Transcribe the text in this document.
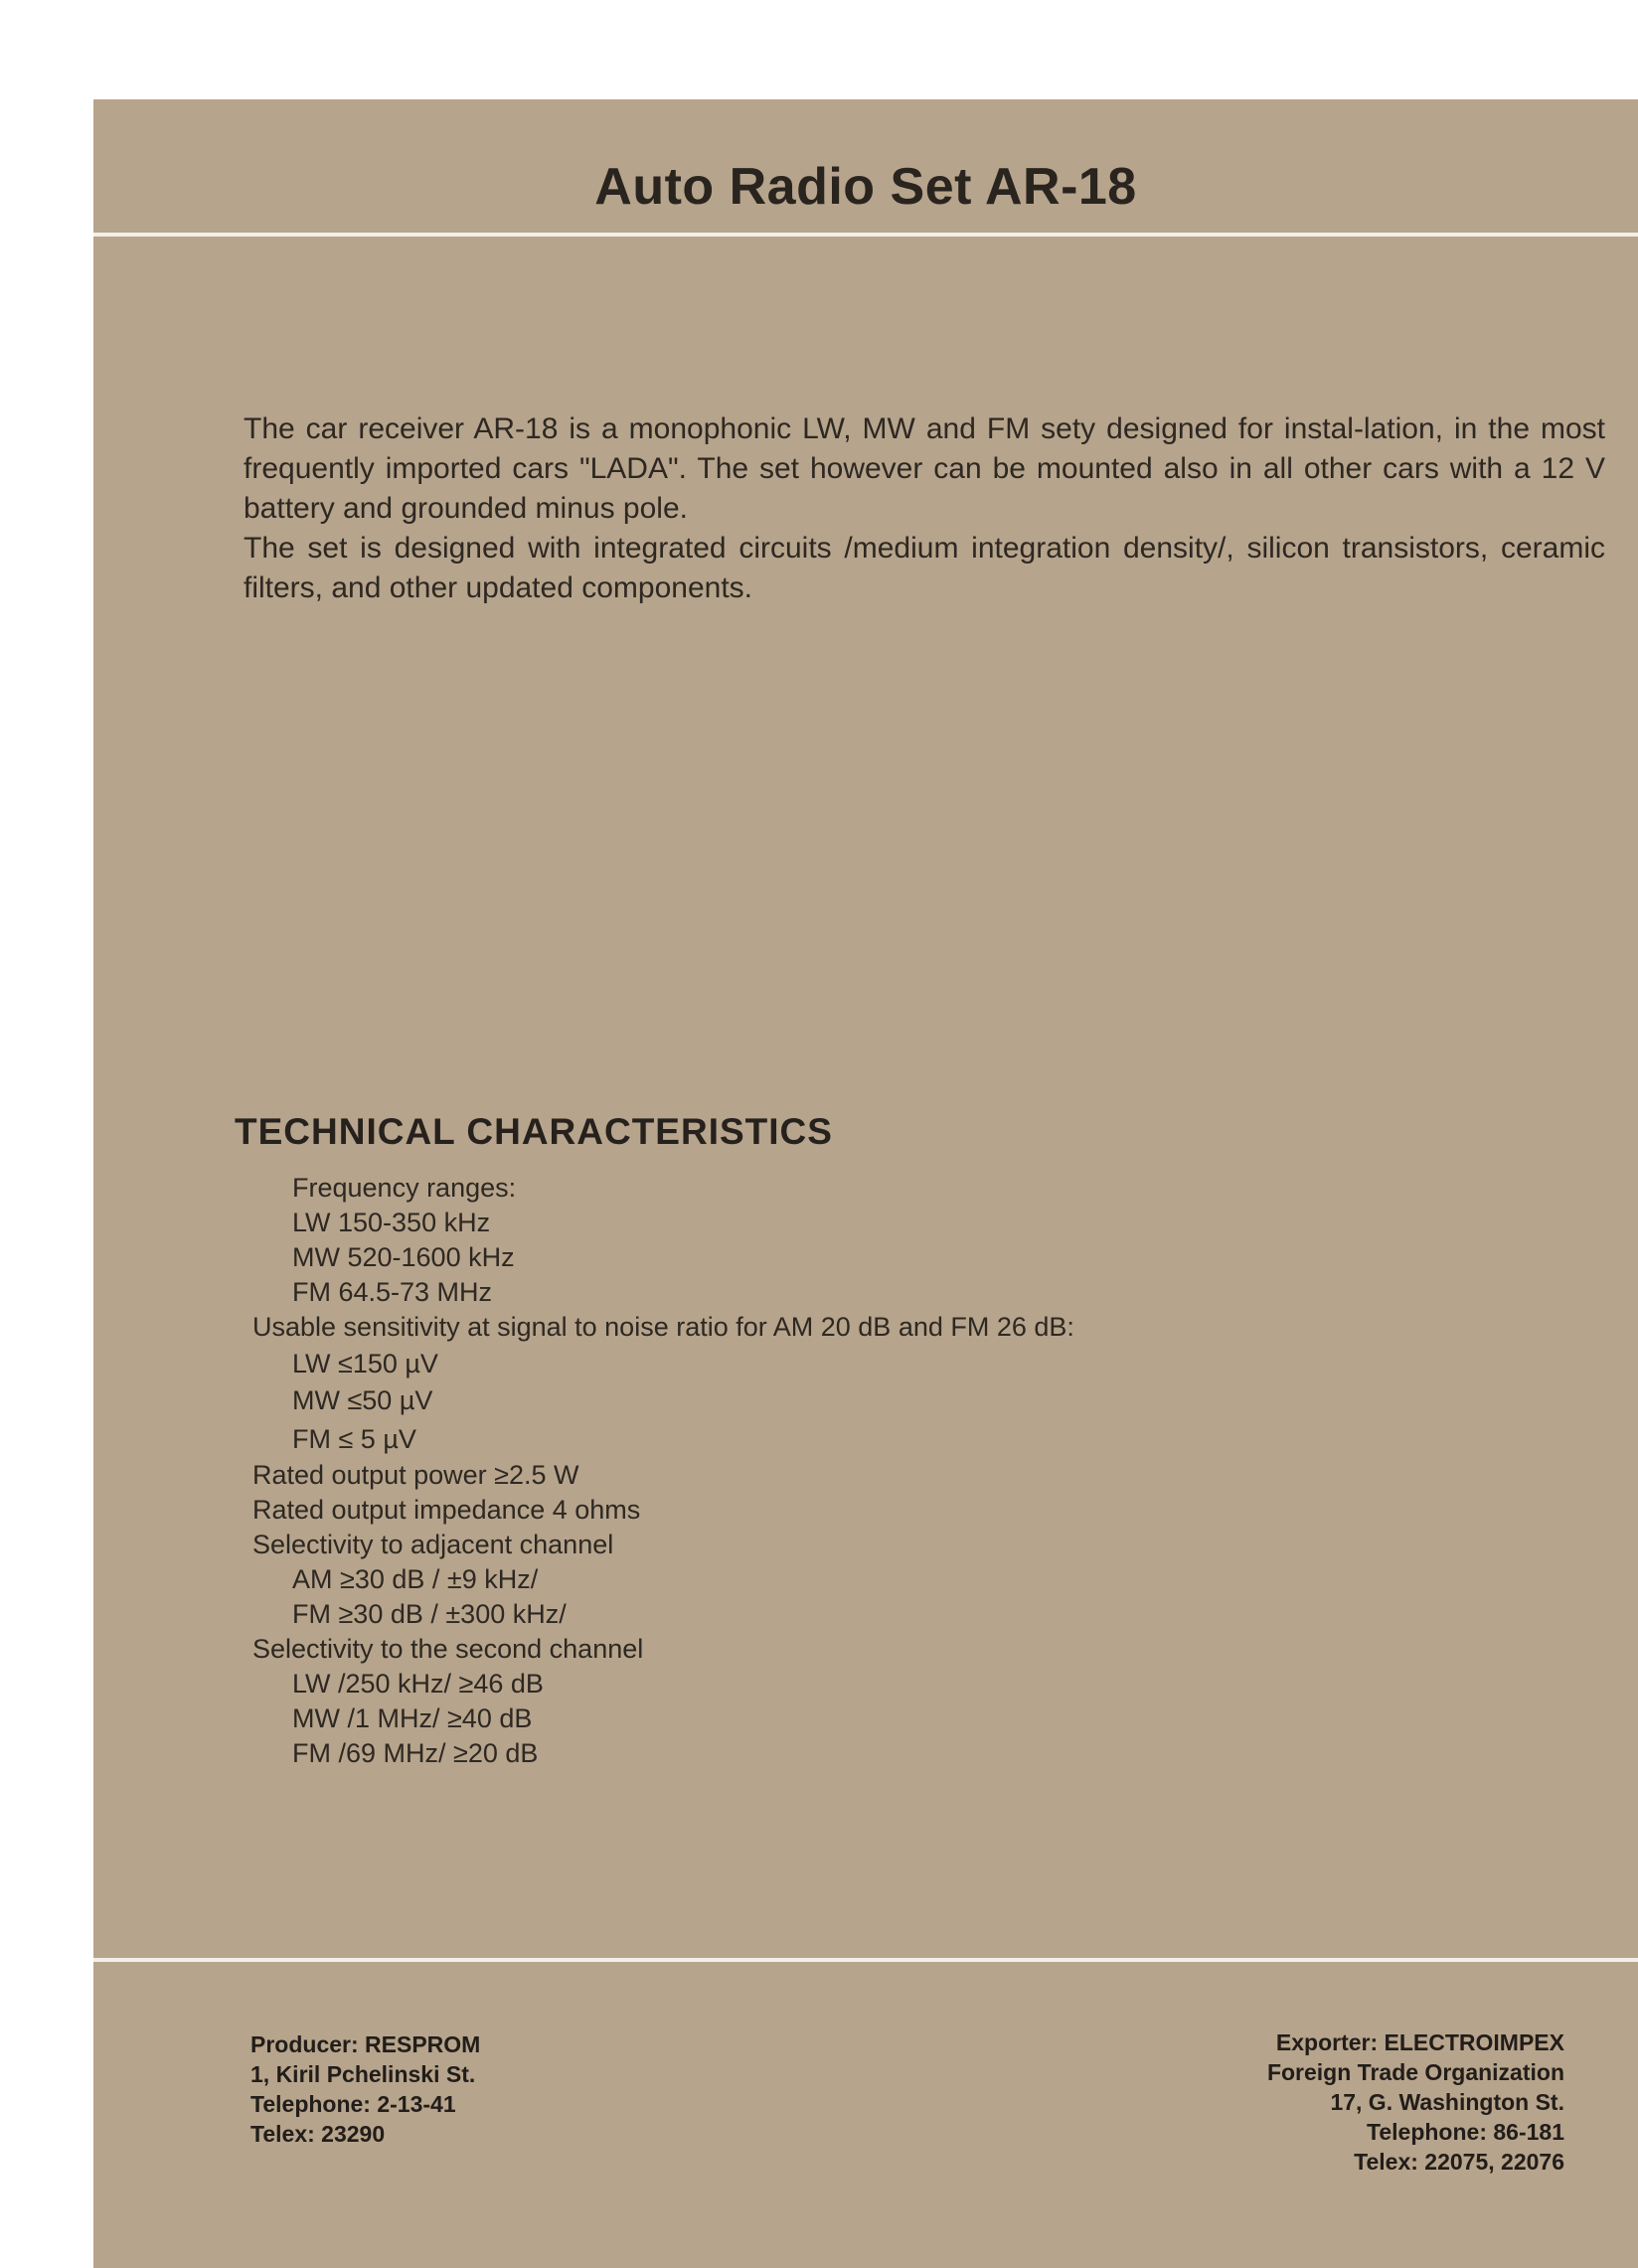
Auto Radio Set AR-18

The car receiver AR-18 is a monophonic LW, MW and FM sety designed for instal-lation, in the most frequently imported cars "LADA". The set however can be mounted also in all other cars with a 12 V battery and grounded minus pole.

The set is designed with integrated circuits /medium integration density/, silicon transistors, ceramic filters, and other updated components.

TECHNICAL CHARACTERISTICS
Frequency ranges:
LW 150-350 kHz
MW 520-1600 kHz
FM 64.5-73 MHz
Usable sensitivity at signal to noise ratio for AM 20 dB and FM 26 dB:
LW ≤150 µV
MW ≤50 µV
FM ≤ 5 µV
Rated output power ≥2.5 W
Rated output impedance 4 ohms
Selectivity to adjacent channel
AM ≥30 dB / ±9 kHz/
FM ≥30 dB / ±300 kHz/
Selectivity to the second channel
LW /250 kHz/ ≥46 dB
MW /1 MHz/ ≥40 dB
FM /69 MHz/ ≥20 dB
Producer: RESPROM
1, Kiril Pchelinski St.
Telephone: 2-13-41
Telex: 23290
Exporter: ELECTROIMPEX
Foreign Trade Organization
17, G. Washington St.
Telephone: 86-181
Telex: 22075, 22076
